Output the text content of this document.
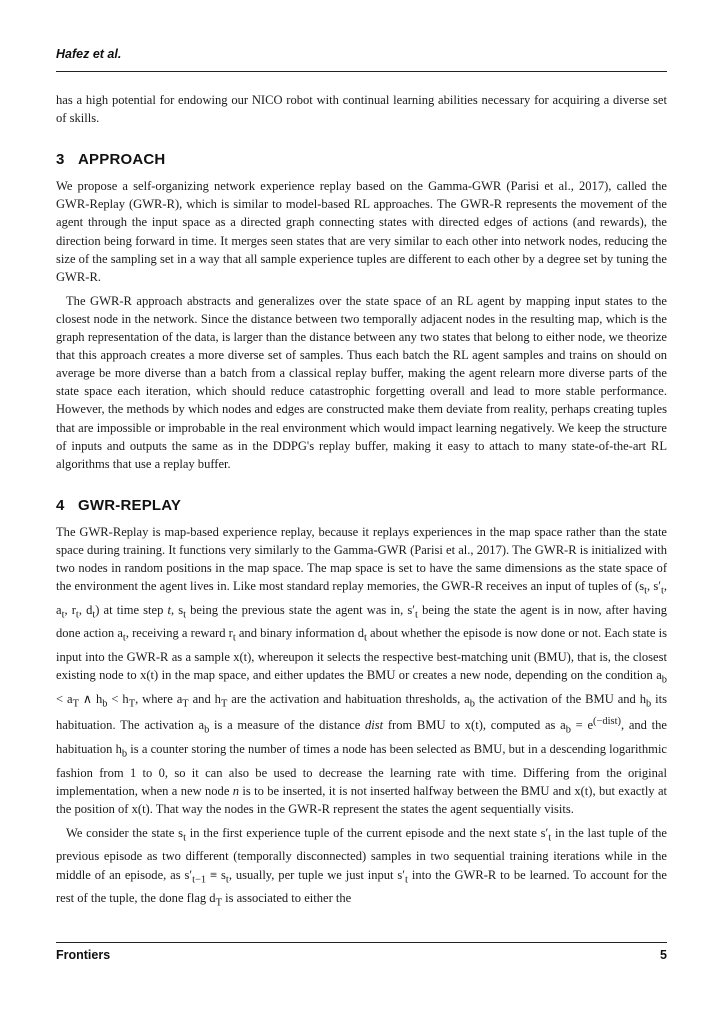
Hafez et al.

has a high potential for endowing our NICO robot with continual learning abilities necessary for acquiring a diverse set of skills.

3 APPROACH

We propose a self-organizing network experience replay based on the Gamma-GWR (Parisi et al., 2017), called the GWR-Replay (GWR-R), which is similar to model-based RL approaches. The GWR-R represents the movement of the agent through the input space as a directed graph connecting states with directed edges of actions (and rewards), the direction being forward in time. It merges seen states that are very similar to each other into network nodes, reducing the size of the sampling set in a way that all sample experience tuples are different to each other by a degree set by tuning the GWR-R.

The GWR-R approach abstracts and generalizes over the state space of an RL agent by mapping input states to the closest node in the network. Since the distance between two temporally adjacent nodes in the resulting map, which is the graph representation of the data, is larger than the distance between any two states that belong to either node, we theorize that this approach creates a more diverse set of samples. Thus each batch the RL agent samples and trains on should on average be more diverse than a batch from a classical replay buffer, making the agent relearn more diverse parts of the state space each iteration, which should reduce catastrophic forgetting overall and lead to more stable performance. However, the methods by which nodes and edges are constructed make them deviate from reality, perhaps creating tuples that are impossible or improbable in the real environment which would impact learning negatively. We keep the structure of inputs and outputs the same as in the DDPG's replay buffer, making it easy to attach to many state-of-the-art RL algorithms that use a replay buffer.

4 GWR-REPLAY

The GWR-Replay is map-based experience replay, because it replays experiences in the map space rather than the state space during training. It functions very similarly to the Gamma-GWR (Parisi et al., 2017). The GWR-R is initialized with two nodes in random positions in the map space. The map space is set to have the same dimensions as the state space of the environment the agent lives in. Like most standard replay memories, the GWR-R receives an input of tuples of ($s_t$, $s'_t$, $a_t$, $r_t$, $d_t$) at time step t, $s_t$ being the previous state the agent was in, $s'_t$ being the state the agent is in now, after having done action $a_t$, receiving a reward $r_t$ and binary information $d_t$ about whether the episode is now done or not. Each state is input into the GWR-R as a sample x(t), whereupon it selects the respective best-matching unit (BMU), that is, the closest existing node to x(t) in the map space, and either updates the BMU or creates a new node, depending on the condition $a_b < a_T$ ∧ $h_b < h_T$, where $a_T$ and $h_T$ are the activation and habituation thresholds, $a_b$ the activation of the BMU and $h_b$ its habituation. The activation $a_b$ is a measure of the distance dist from BMU to x(t), computed as $a_b = e^{(-dist)}$, and the habituation $h_b$ is a counter storing the number of times a node has been selected as BMU, but in a descending logarithmic fashion from 1 to 0, so it can also be used to decrease the learning rate with time. Differing from the original implementation, when a new node n is to be inserted, it is not inserted halfway between the BMU and x(t), but exactly at the position of x(t). That way the nodes in the GWR-R represent the states the agent sequentially visits.

We consider the state $s_t$ in the first experience tuple of the current episode and the next state $s'_t$ in the last tuple of the previous episode as two different (temporally disconnected) samples in two sequential training iterations while in the middle of an episode, as $s'_{t-1} \equiv s_t$, usually, per tuple we just input $s'_t$ into the GWR-R to be learned. To account for the rest of the tuple, the done flag $d_T$ is associated to either the

Frontiers	5
